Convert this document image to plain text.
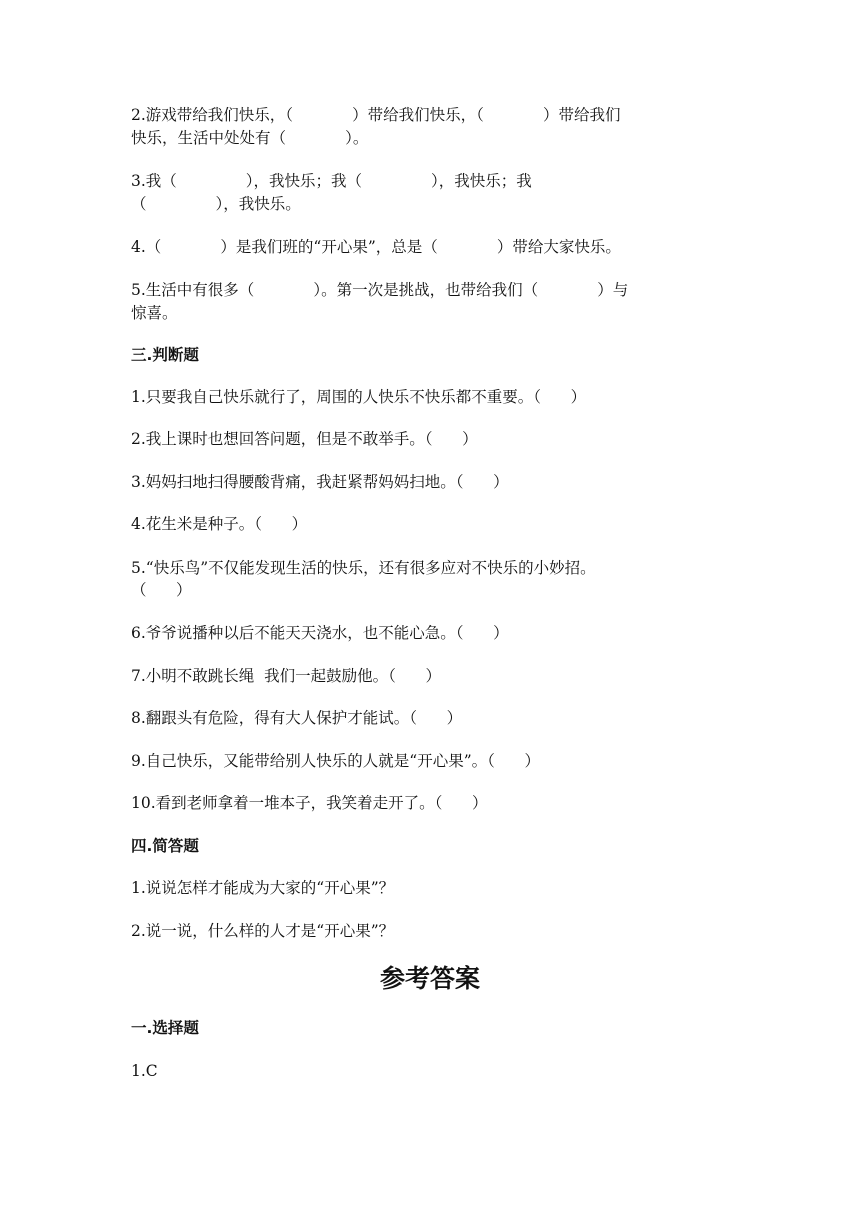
2.游戏带给我们快乐，（            ）带给我们快乐，（            ）带给我们
快乐，生活中处处有（            ）。
3.我（              ），我快乐；我（              ），我快乐；我
（              ），我快乐。
4.（            ）是我们班的“开心果”，总是（            ）带给大家快乐。
5.生活中有很多（            ）。第一次是挑战，也带给我们（            ）与
惊喜。
三.判断题
1.只要我自己快乐就行了，周围的人快乐不快乐都不重要。（      ）
2.我上课时也想回答问题，但是不敢举手。（      ）
3.妈妈扫地扫得腰酸背痛，我赶紧帮妈妈扫地。（      ）
4.花生米是种子。（      ）
5.“快乐鸟”不仅能发现生活的快乐，还有很多应对不快乐的小妙招。
（      ）
6.爷爷说播种以后不能天天浇水，也不能心急。（      ）
7.小明不敢跳长绳  我们一起鼓励他。（      ）
8.翻跟头有危险，得有大人保护才能试。（      ）
9.自己快乐，又能带给别人快乐的人就是“开心果”。（      ）
10.看到老师拿着一堆本子，我笑着走开了。（      ）
四.简答题
1.说说怎样才能成为大家的“开心果”？
2.说一说，什么样的人才是“开心果”？
参考答案
一.选择题
1.C
